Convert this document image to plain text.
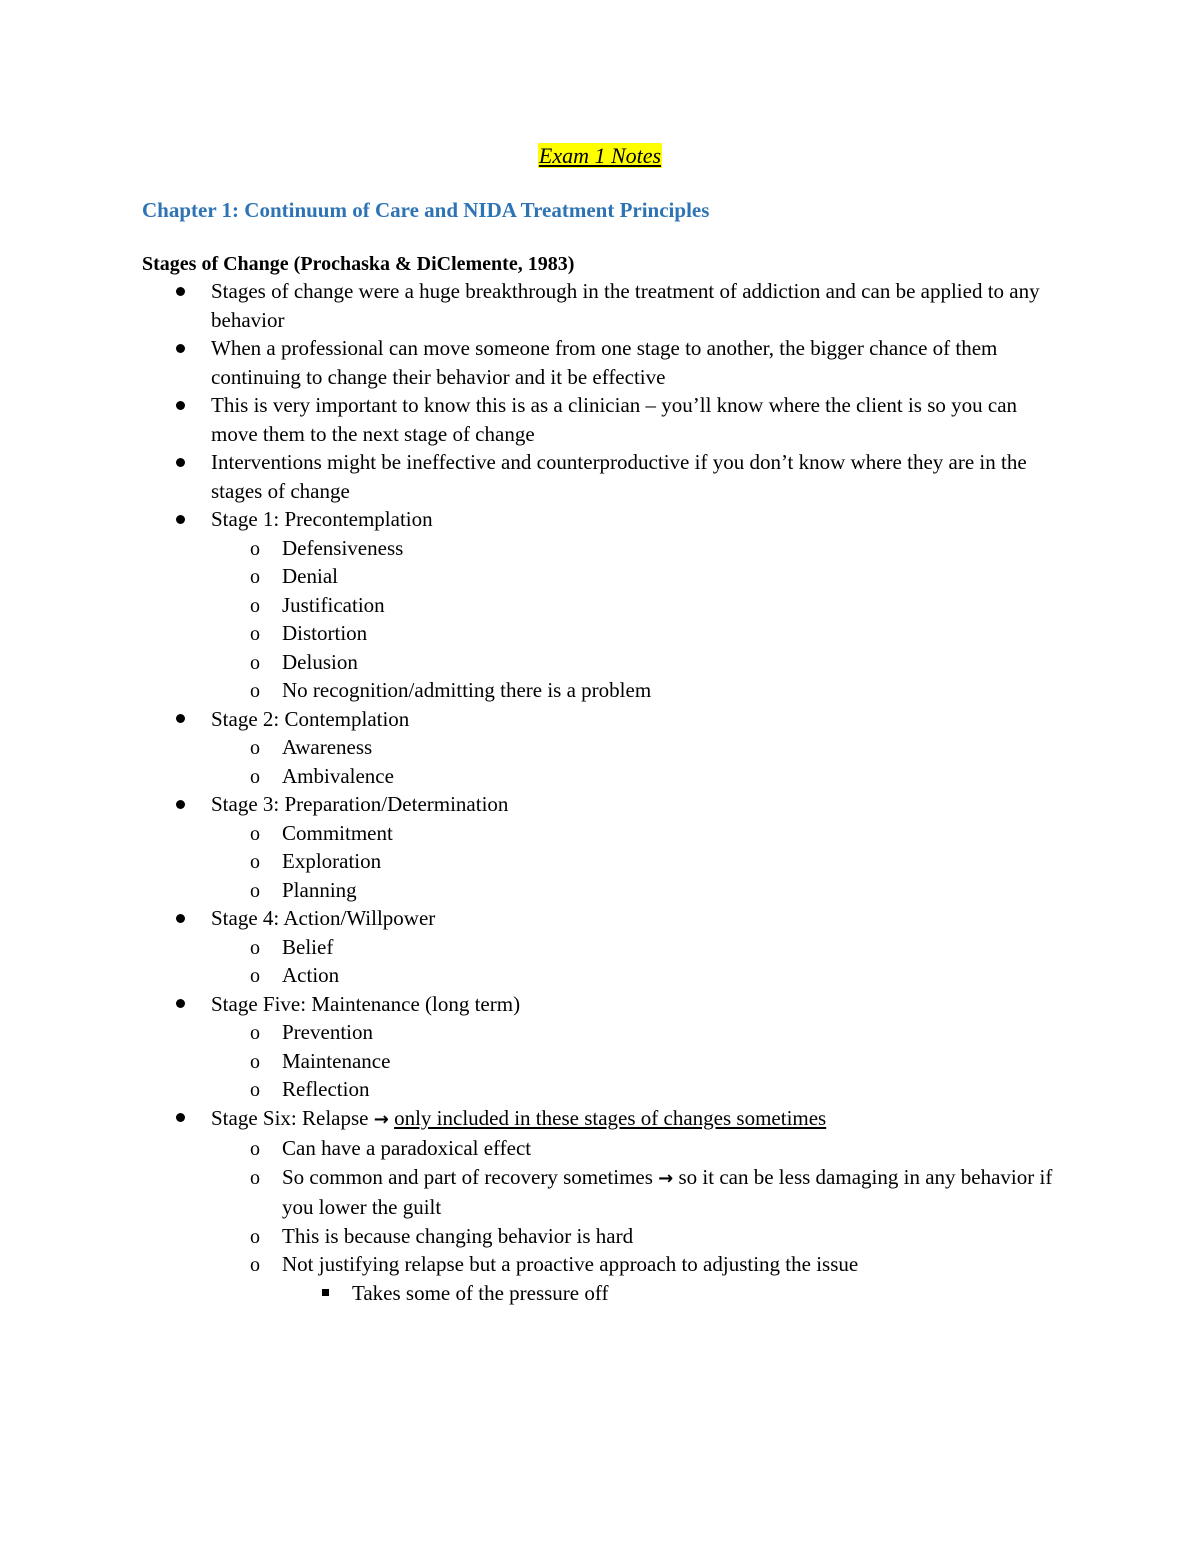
Exam 1 Notes
Chapter 1: Continuum of Care and NIDA Treatment Principles
Stages of Change (Prochaska & DiClemente, 1983)
Stages of change were a huge breakthrough in the treatment of addiction and can be applied to any behavior
When a professional can move someone from one stage to another, the bigger chance of them continuing to change their behavior and it be effective
This is very important to know this is as a clinician – you’ll know where the client is so you can move them to the next stage of change
Interventions might be ineffective and counterproductive if you don’t know where they are in the stages of change
Stage 1: Precontemplation
o	Defensiveness
o	Denial
o	Justification
o	Distortion
o	Delusion
o	No recognition/admitting there is a problem
Stage 2: Contemplation
o	Awareness
o	Ambivalence
Stage 3: Preparation/Determination
o	Commitment
o	Exploration
o	Planning
Stage 4: Action/Willpower
o	Belief
o	Action
Stage Five: Maintenance (long term)
o	Prevention
o	Maintenance
o	Reflection
Stage Six: Relapse → only included in these stages of changes sometimes
o	Can have a paradoxical effect
o	So common and part of recovery sometimes → so it can be less damaging in any behavior if you lower the guilt
o	This is because changing behavior is hard
o	Not justifying relapse but a proactive approach to adjusting the issue
Takes some of the pressure off
